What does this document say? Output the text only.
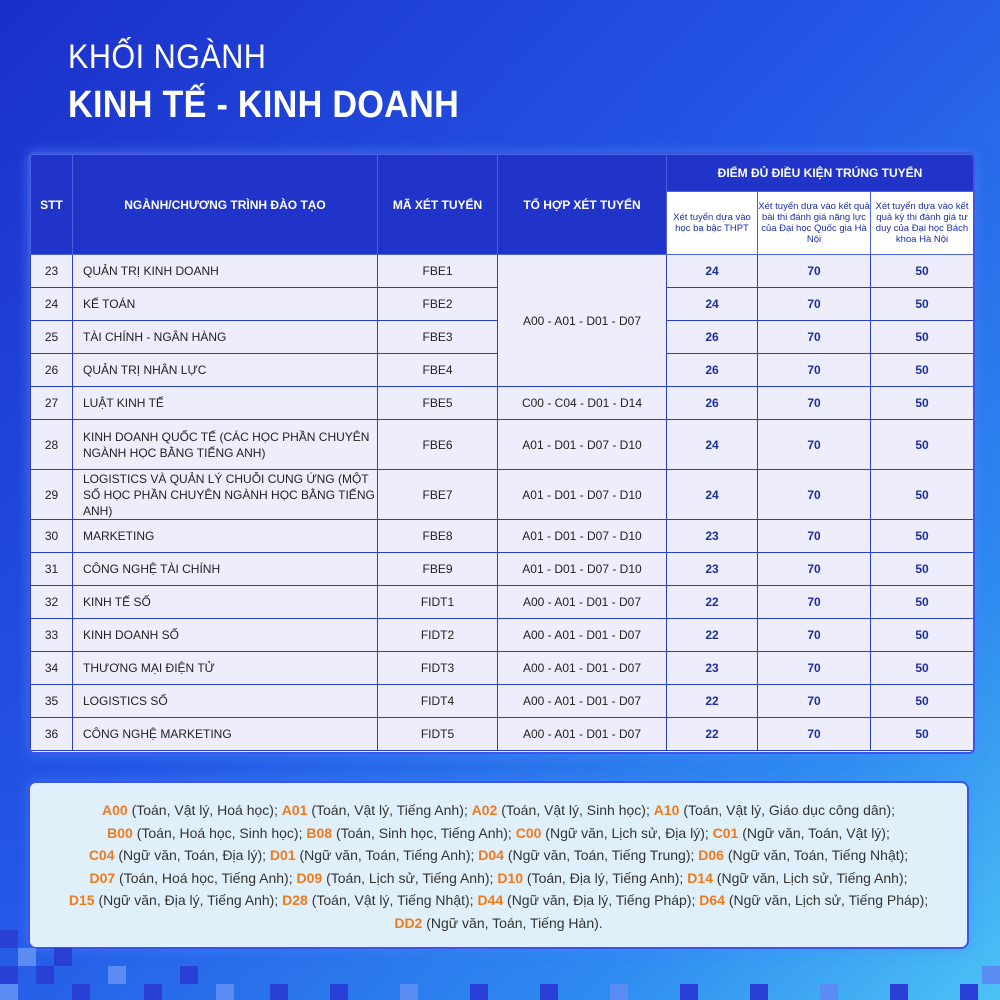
KHỐI NGÀNH
KINH TẾ - KINH DOANH
STT	NGÀNH/CHƯƠNG TRÌNH ĐÀO TẠO	MÃ XÉT TUYỂN	TỔ HỢP XÉT TUYỂN	ĐIỂM ĐỦ ĐIỀU KIỆN TRÚNG TUYỂN		
				Xét tuyển dựa vào học bạ bậc THPT	Xét tuyển dựa vào kết quả bài thi đánh giá năng lực của Đại học Quốc gia Hà Nội	Xét tuyển dựa vào kết quả kỳ thi đánh giá tư duy của Đại học Bách khoa Hà Nội
23	QUẢN TRỊ KINH DOANH	FBE1	A00 - A01 - D01 - D07	24	70	50
24	KẾ TOÁN	FBE2		24	70	50
25	TÀI CHÍNH - NGÂN HÀNG	FBE3		26	70	50
26	QUẢN TRỊ NHÂN LỰC	FBE4		26	70	50
27	LUẬT KINH TẾ	FBE5	C00 - C04 - D01 - D14	26	70	50
28	KINH DOANH QUỐC TẾ (CÁC HỌC PHẦN CHUYÊN NGÀNH HỌC BẰNG TIẾNG ANH)	FBE6	A01 - D01 - D07 - D10	24	70	50
29	LOGISTICS VÀ QUẢN LÝ CHUỖI CUNG ỨNG (MỘT SỐ HỌC PHẦN CHUYÊN NGÀNH HỌC BẰNG TIẾNG ANH)	FBE7	A01 - D01 - D07 - D10	24	70	50
30	MARKETING	FBE8	A01 - D01 - D07 - D10	23	70	50
31	CÔNG NGHỆ TÀI CHÍNH	FBE9	A01 - D01 - D07 - D10	23	70	50
32	KINH TẾ SỐ	FIDT1	A00 - A01 - D01 - D07	22	70	50
33	KINH DOANH SỐ	FIDT2	A00 - A01 - D01 - D07	22	70	50
34	THƯƠNG MẠI ĐIỆN TỬ	FIDT3	A00 - A01 - D01 - D07	23	70	50
35	LOGISTICS SỐ	FIDT4	A00 - A01 - D01 - D07	22	70	50
36	CÔNG NGHỆ MARKETING	FIDT5	A00 - A01 - D01 - D07	22	70	50
A00 (Toán, Vật lý, Hoá học); A01 (Toán, Vật lý, Tiếng Anh); A02 (Toán, Vật lý, Sinh học); A10 (Toán, Vật lý, Giáo dục công dân);
B00 (Toán, Hoá học, Sinh học); B08 (Toán, Sinh học, Tiếng Anh); C00 (Ngữ văn, Lịch sử, Địa lý); C01 (Ngữ văn, Toán, Vật lý);
C04 (Ngữ văn, Toán, Địa lý); D01 (Ngữ văn, Toán, Tiếng Anh); D04 (Ngữ văn, Toán, Tiếng Trung); D06 (Ngữ văn, Toán, Tiếng Nhật);
D07 (Toán, Hoá học, Tiếng Anh); D09 (Toán, Lịch sử, Tiếng Anh); D10 (Toán, Địa lý, Tiếng Anh); D14 (Ngữ văn, Lịch sử, Tiếng Anh);
D15 (Ngữ văn, Địa lý, Tiếng Anh); D28 (Toán, Vật lý, Tiếng Nhật); D44 (Ngữ văn, Địa lý, Tiếng Pháp); D64 (Ngữ văn, Lịch sử, Tiếng Pháp);
DD2 (Ngữ văn, Toán, Tiếng Hàn).
